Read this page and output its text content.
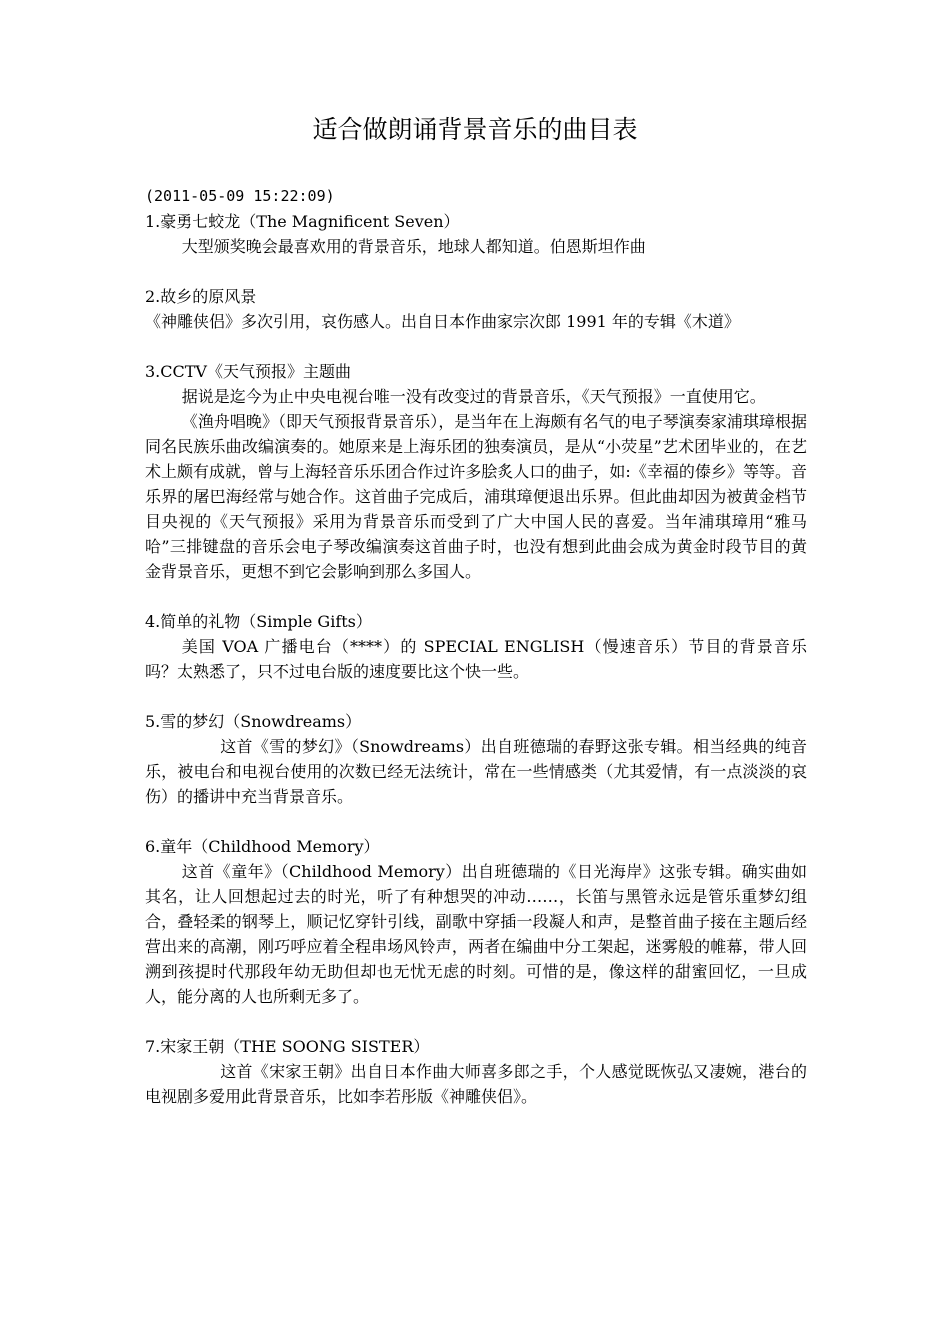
适合做朗诵背景音乐的曲目表

(2011-05-09 15:22:09)

1.豪勇七蛟龙（The Magnificent Seven）

大型颁奖晚会最喜欢用的背景音乐，地球人都知道。伯恩斯坦作曲

2.故乡的原风景

《神雕侠侣》多次引用，哀伤感人。出自日本作曲家宗次郎 1991 年的专辑《木道》

3.CCTV《天气预报》主题曲

据说是迄今为止中央电视台唯一没有改变过的背景音乐，《天气预报》一直使用它。

《渔舟唱晚》（即天气预报背景音乐），是当年在上海颇有名气的电子琴演奏家浦琪璋根据同名民族乐曲改编演奏的。她原来是上海乐团的独奏演员，是从“小荧星”艺术团毕业的，在艺术上颇有成就，曾与上海轻音乐乐团合作过许多脍炙人口的曲子，如:《幸福的傣乡》等等。音乐界的屠巴海经常与她合作。这首曲子完成后，浦琪璋便退出乐界。但此曲却因为被黄金档节目央视的《天气预报》采用为背景音乐而受到了广大中国人民的喜爱。当年浦琪璋用“雅马哈”三排键盘的音乐会电子琴改编演奏这首曲子时，也没有想到此曲会成为黄金时段节目的黄金背景音乐，更想不到它会影响到那么多国人。

4.简单的礼物（Simple Gifts）

美国 VOA 广播电台（****）的 SPECIAL ENGLISH（慢速音乐）节目的背景音乐吗？太熟悉了，只不过电台版的速度要比这个快一些。

5.雪的梦幻（Snowdreams）

这首《雪的梦幻》（Snowdreams）出自班德瑞的春野这张专辑。相当经典的纯音乐，被电台和电视台使用的次数已经无法统计，常在一些情感类（尤其爱情，有一点淡淡的哀伤）的播讲中充当背景音乐。

6.童年（Childhood Memory）

这首《童年》（Childhood Memory）出自班德瑞的《日光海岸》这张专辑。确实曲如其名，让人回想起过去的时光，听了有种想哭的冲动……，长笛与黑管永远是管乐重梦幻组合，叠轻柔的钢琴上，顺记忆穿针引线，副歌中穿插一段凝人和声，是整首曲子接在主题后经营出来的高潮，刚巧呼应着全程串场风铃声，两者在编曲中分工架起，迷雾般的帷幕，带人回溯到孩提时代那段年幼无助但却也无忧无虑的时刻。可惜的是，像这样的甜蜜回忆，一旦成人，能分离的人也所剩无多了。

7.宋家王朝（THE SOONG SISTER）

这首《宋家王朝》出自日本作曲大师喜多郎之手，个人感觉既恢弘又凄婉，港台的电视剧多爱用此背景音乐，比如李若彤版《神雕侠侣》。
